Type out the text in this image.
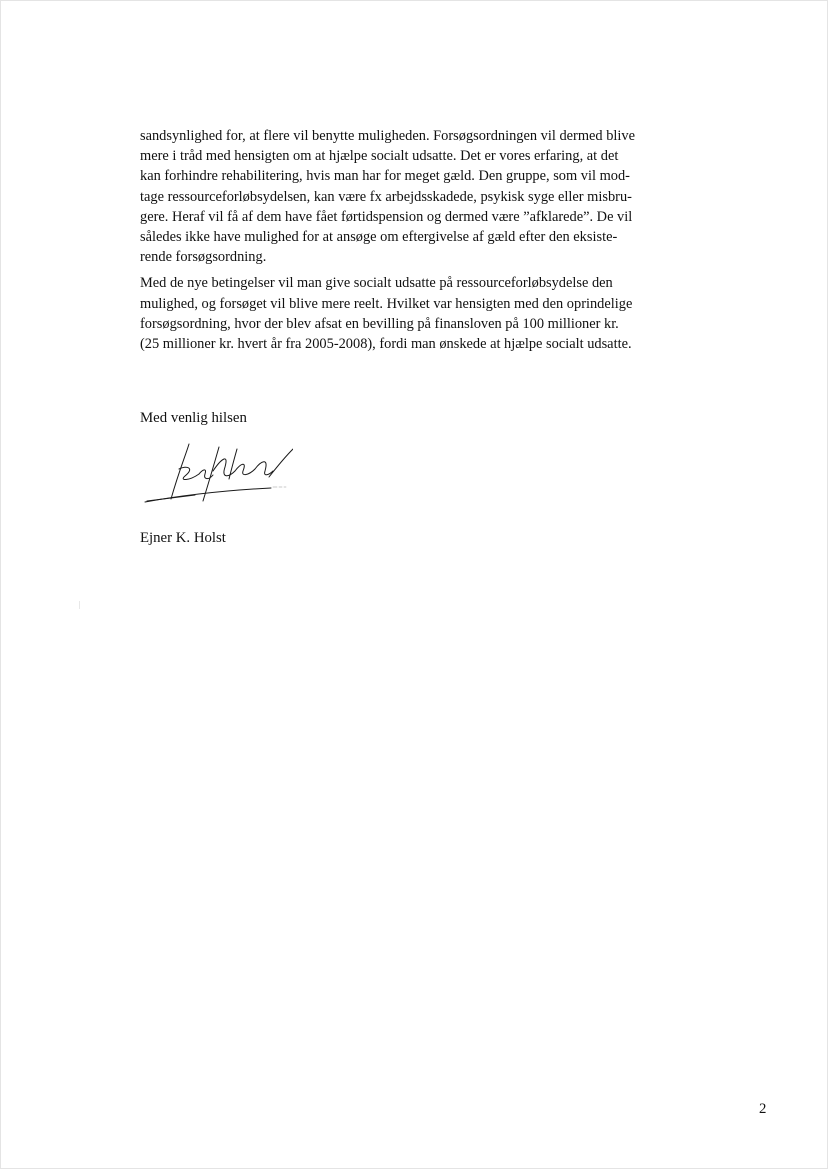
sandsynlighed for, at flere vil benytte muligheden. Forsøgsordningen vil dermed blive
mere i tråd med hensigten om at hjælpe socialt udsatte. Det er vores erfaring, at det
kan forhindre rehabilitering, hvis man har for meget gæld. Den gruppe, som vil mod-
tage ressourceforløbsydelsen, kan være fx arbejdsskadede, psykisk syge eller misbru-
gere. Heraf vil få af dem have fået førtidspension og dermed være ”afklarede”. De vil
således ikke have mulighed for at ansøge om eftergivelse af gæld efter den eksiste-
rende forsøgsordning.
Med de nye betingelser vil man give socialt udsatte på ressourceforløbsydelse den
mulighed, og forsøget vil blive mere reelt. Hvilket var hensigten med den oprindelige
forsøgsordning, hvor der blev afsat en bevilling på finansloven på 100 millioner kr.
(25 millioner kr. hvert år fra 2005-2008), fordi man ønskede at hjælpe socialt udsatte.
Med venlig hilsen
Ejner K. Holst
2
